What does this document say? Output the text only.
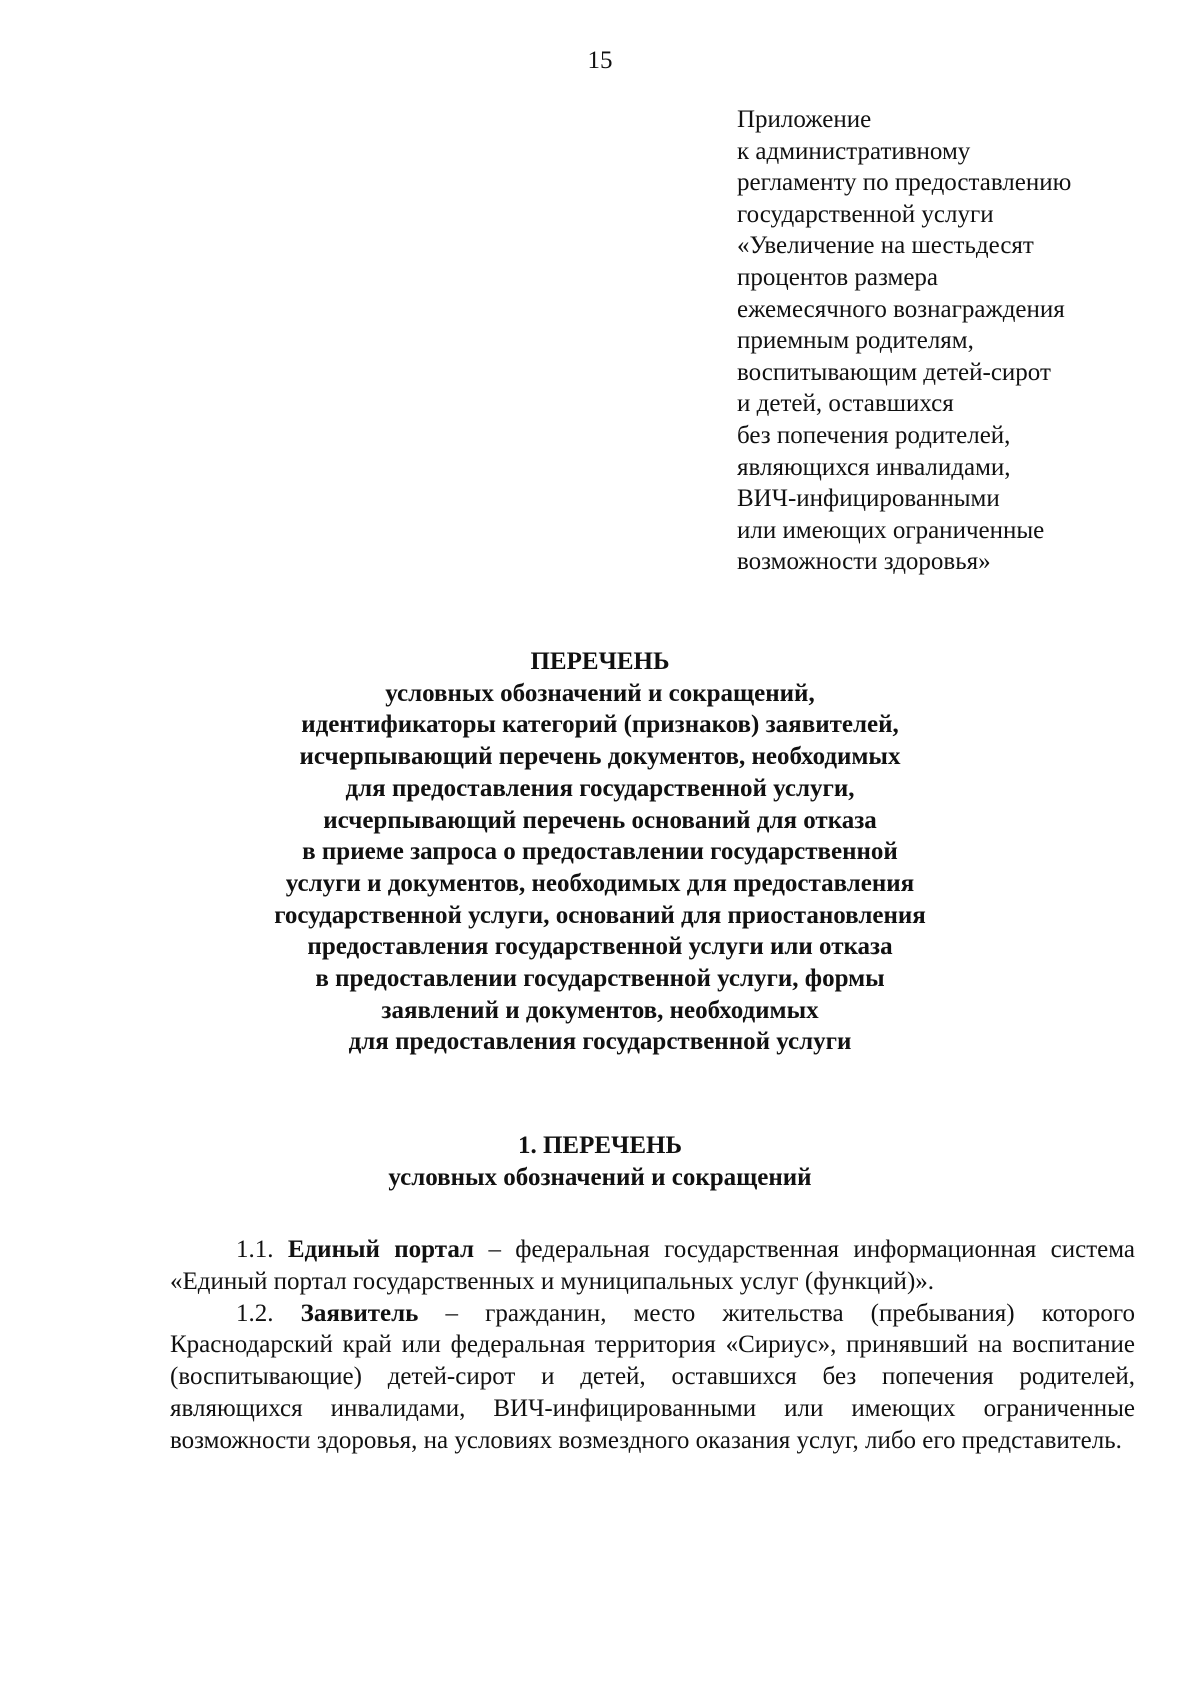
15
Приложение
к административному
регламенту по предоставлению
государственной услуги
«Увеличение на шестьдесят
процентов размера
ежемесячного вознаграждения
приемным родителям,
воспитывающим детей-сирот
и детей, оставшихся
без попечения родителей,
являющихся инвалидами,
ВИЧ-инфицированными
или имеющих ограниченные
возможности здоровья»
ПЕРЕЧЕНЬ
условных обозначений и сокращений,
идентификаторы категорий (признаков) заявителей,
исчерпывающий перечень документов, необходимых
для предоставления государственной услуги,
исчерпывающий перечень оснований для отказа
в приеме запроса о предоставлении государственной
услуги и документов, необходимых для предоставления
государственной услуги, оснований для приостановления
предоставления государственной услуги или отказа
в предоставлении государственной услуги, формы
заявлений и документов, необходимых
для предоставления государственной услуги
1. ПЕРЕЧЕНЬ
условных обозначений и сокращений

1.1. Единый портал – федеральная государственная информационная система «Единый портал государственных и муниципальных услуг (функций)».

1.2. Заявитель – гражданин, место жительства (пребывания) которого Краснодарский край или федеральная территория «Сириус», принявший на воспитание (воспитывающие) детей-сирот и детей, оставшихся без попечения родителей, являющихся инвалидами, ВИЧ-инфицированными или имеющих ограниченные возможности здоровья, на условиях возмездного оказания услуг, либо его представитель.
